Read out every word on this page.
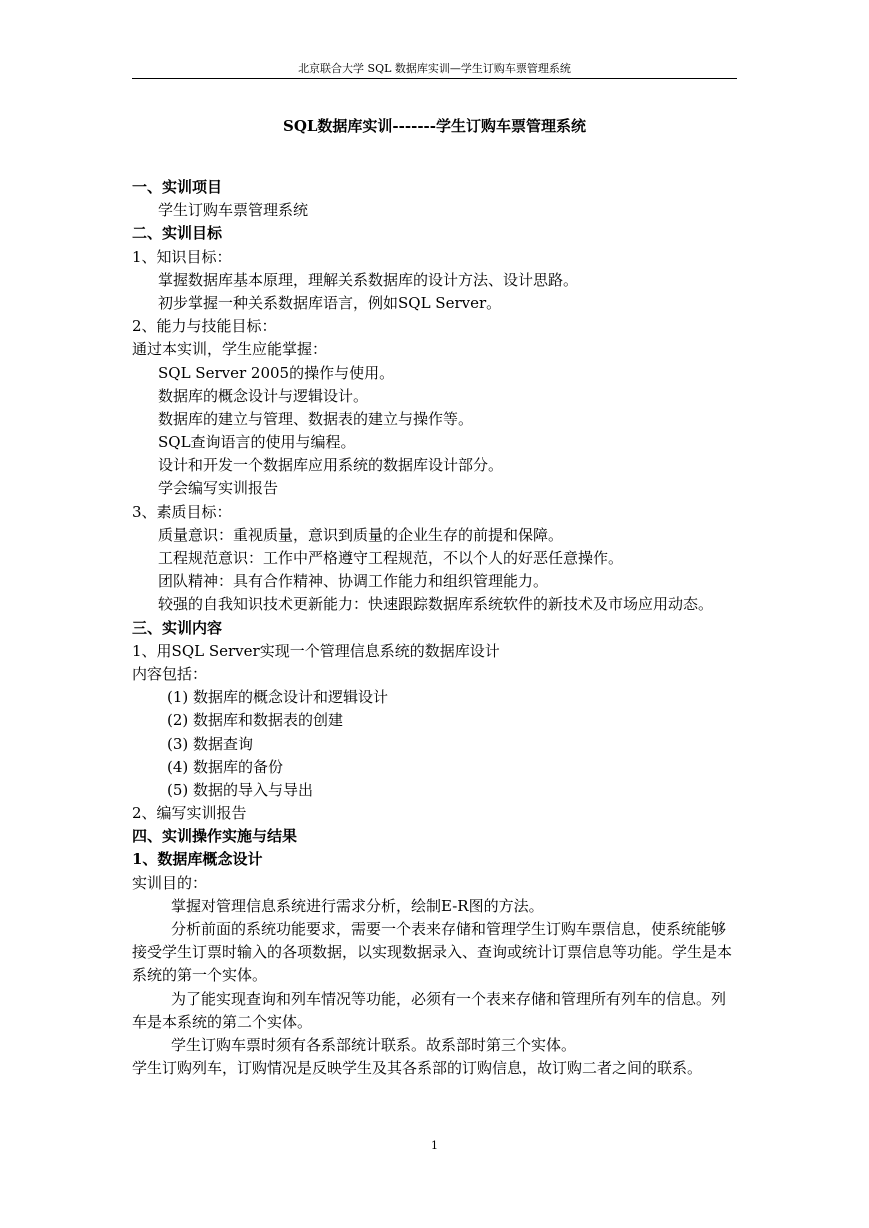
北京联合大学 SQL 数据库实训—学生订购车票管理系统
SQL数据库实训-------学生订购车票管理系统
一、实训项目
学生订购车票管理系统
二、实训目标
1、知识目标：
掌握数据库基本原理，理解关系数据库的设计方法、设计思路。
初步掌握一种关系数据库语言，例如SQL Server。
2、能力与技能目标：
通过本实训，学生应能掌握：
SQL Server 2005的操作与使用。
数据库的概念设计与逻辑设计。
数据库的建立与管理、数据表的建立与操作等。
SQL查询语言的使用与编程。
设计和开发一个数据库应用系统的数据库设计部分。
学会编写实训报告
3、素质目标：
质量意识：重视质量，意识到质量的企业生存的前提和保障。
工程规范意识：工作中严格遵守工程规范，不以个人的好恶任意操作。
团队精神：具有合作精神、协调工作能力和组织管理能力。
较强的自我知识技术更新能力：快速跟踪数据库系统软件的新技术及市场应用动态。
三、实训内容
1、用SQL Server实现一个管理信息系统的数据库设计
内容包括：
(1) 数据库的概念设计和逻辑设计
(2) 数据库和数据表的创建
(3) 数据查询
(4) 数据库的备份
(5) 数据的导入与导出
2、编写实训报告
四、实训操作实施与结果
1、数据库概念设计
实训目的：
掌握对管理信息系统进行需求分析，绘制E-R图的方法。
分析前面的系统功能要求，需要一个表来存储和管理学生订购车票信息，使系统能够接受学生订票时输入的各项数据，以实现数据录入、查询或统计订票信息等功能。学生是本系统的第一个实体。
为了能实现查询和列车情况等功能，必须有一个表来存储和管理所有列车的信息。列车是本系统的第二个实体。
学生订购车票时须有各系部统计联系。故系部时第三个实体。
学生订购列车，订购情况是反映学生及其各系部的订购信息，故订购二者之间的联系。
1
